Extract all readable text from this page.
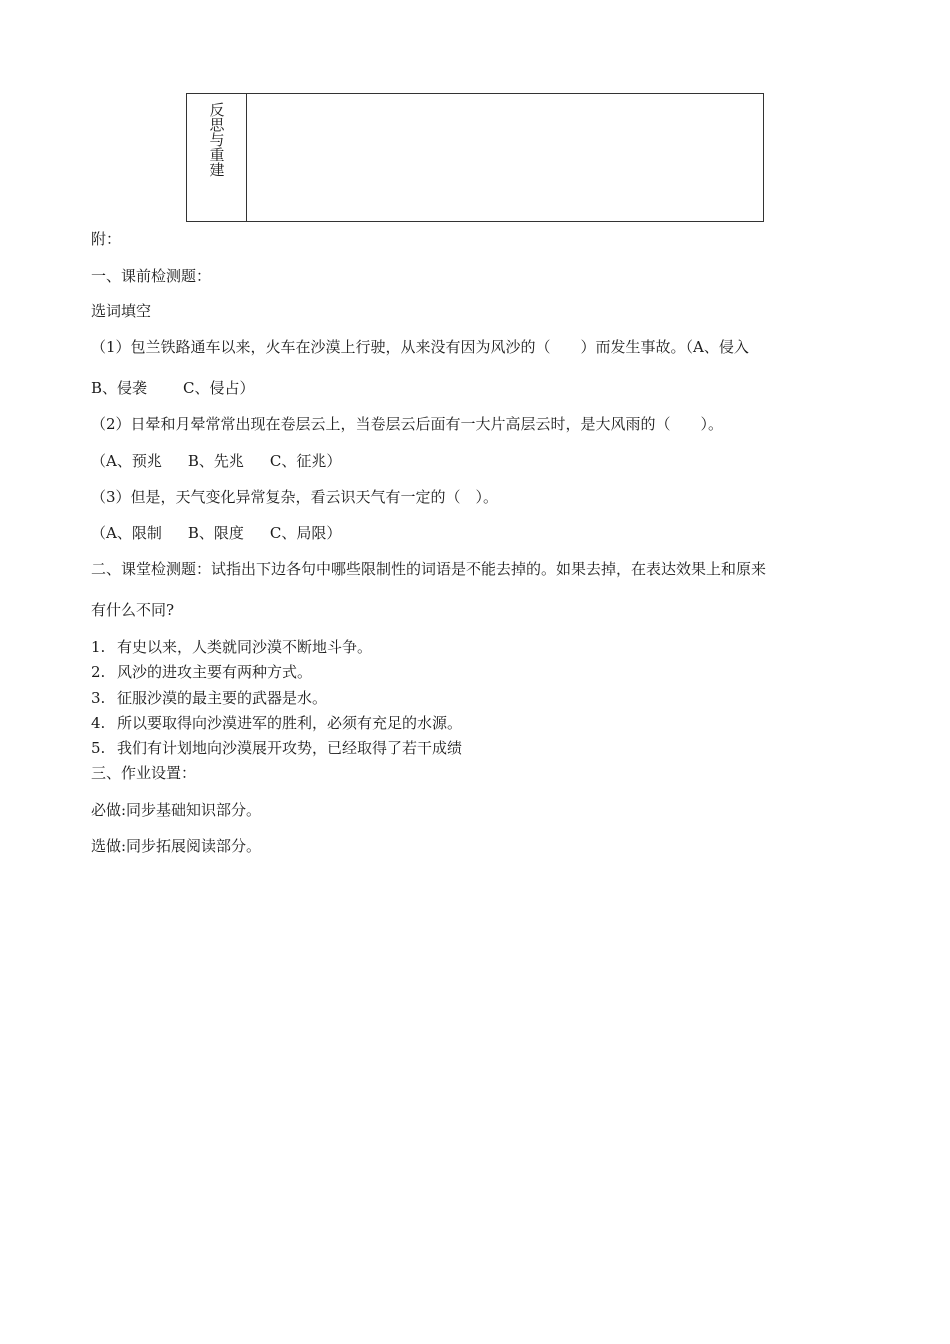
反思与重建
附：
一、课前检测题：
选词填空
（1）包兰铁路通车以来，火车在沙漠上行驶，从来没有因为风沙的（　　）而发生事故。（A、侵入
B、侵袭 C、侵占）
（2）日晕和月晕常常出现在卷层云上，当卷层云后面有一大片高层云时，是大风雨的（　　）。
（A、预兆 B、先兆 C、征兆）
（3）但是，天气变化异常复杂，看云识天气有一定的（　）。
（A、限制 B、限度 C、局限）
二、课堂检测题：试指出下边各句中哪些限制性的词语是不能去掉的。如果去掉，在表达效果上和原来
有什么不同?
1. 有史以来，人类就同沙漠不断地斗争。
2. 风沙的进攻主要有两种方式。
3. 征服沙漠的最主要的武器是水。
4. 所以要取得向沙漠进军的胜利，必须有充足的水源。
5. 我们有计划地向沙漠展开攻势，已经取得了若干成绩
三、作业设置：
必做:同步基础知识部分。
选做:同步拓展阅读部分。
